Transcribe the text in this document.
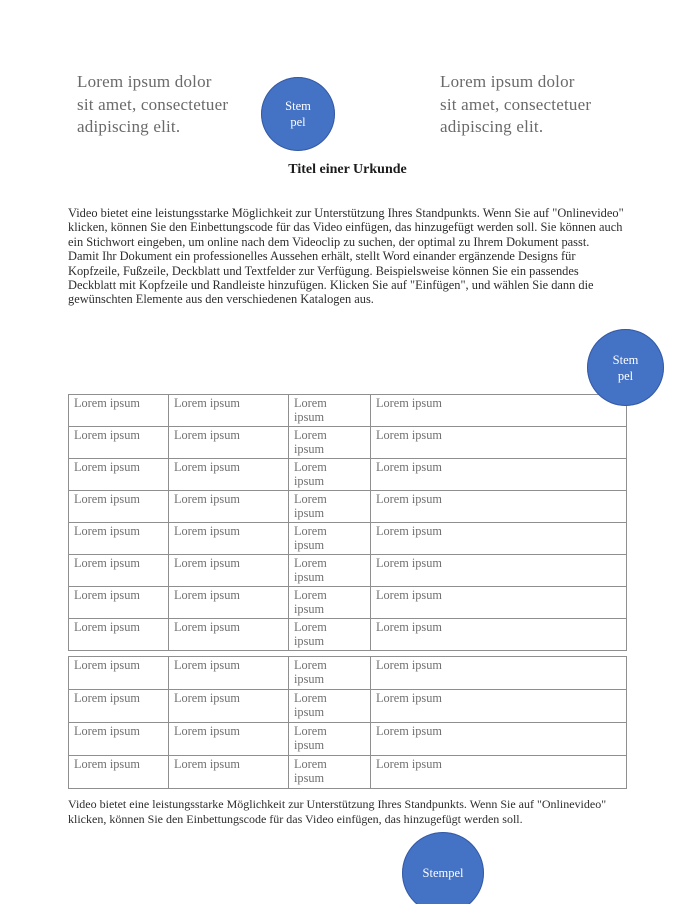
Lorem ipsum dolor
sit amet, consectetuer
adipiscing elit.
Stem
pel
Lorem ipsum dolor
sit amet, consectetuer
adipiscing elit.
Titel einer Urkunde

Video bietet eine leistungsstarke Möglichkeit zur Unterstützung Ihres Standpunkts. Wenn Sie auf "Onlinevideo" klicken, können Sie den Einbettungscode für das Video einfügen, das hinzugefügt werden soll. Sie können auch ein Stichwort eingeben, um online nach dem Videoclip zu suchen, der optimal zu Ihrem Dokument passt.

Damit Ihr Dokument ein professionelles Aussehen erhält, stellt Word einander ergänzende Designs für Kopfzeile, Fußzeile, Deckblatt und Textfelder zur Verfügung. Beispielsweise können Sie ein passendes Deckblatt mit Kopfzeile und Randleiste hinzufügen. Klicken Sie auf "Einfügen", und wählen Sie dann die gewünschten Elemente aus den verschiedenen Katalogen aus.

Stem
pel
Lorem ipsum	Lorem ipsum	Lorem ipsum	Lorem ipsum
Lorem ipsum	Lorem ipsum	Lorem ipsum	Lorem ipsum
Lorem ipsum	Lorem ipsum	Lorem ipsum	Lorem ipsum
Lorem ipsum	Lorem ipsum	Lorem ipsum	Lorem ipsum
Lorem ipsum	Lorem ipsum	Lorem ipsum	Lorem ipsum
Lorem ipsum	Lorem ipsum	Lorem ipsum	Lorem ipsum
Lorem ipsum	Lorem ipsum	Lorem ipsum	Lorem ipsum
Lorem ipsum	Lorem ipsum	Lorem ipsum	Lorem ipsum
Lorem ipsum	Lorem ipsum	Lorem ipsum	Lorem ipsum
Lorem ipsum	Lorem ipsum	Lorem ipsum	Lorem ipsum
Lorem ipsum	Lorem ipsum	Lorem ipsum	Lorem ipsum
Lorem ipsum	Lorem ipsum	Lorem ipsum	Lorem ipsum

Video bietet eine leistungsstarke Möglichkeit zur Unterstützung Ihres Standpunkts. Wenn Sie auf "Onlinevideo" klicken, können Sie den Einbettungscode für das Video einfügen, das hinzugefügt werden soll.

Stempel
